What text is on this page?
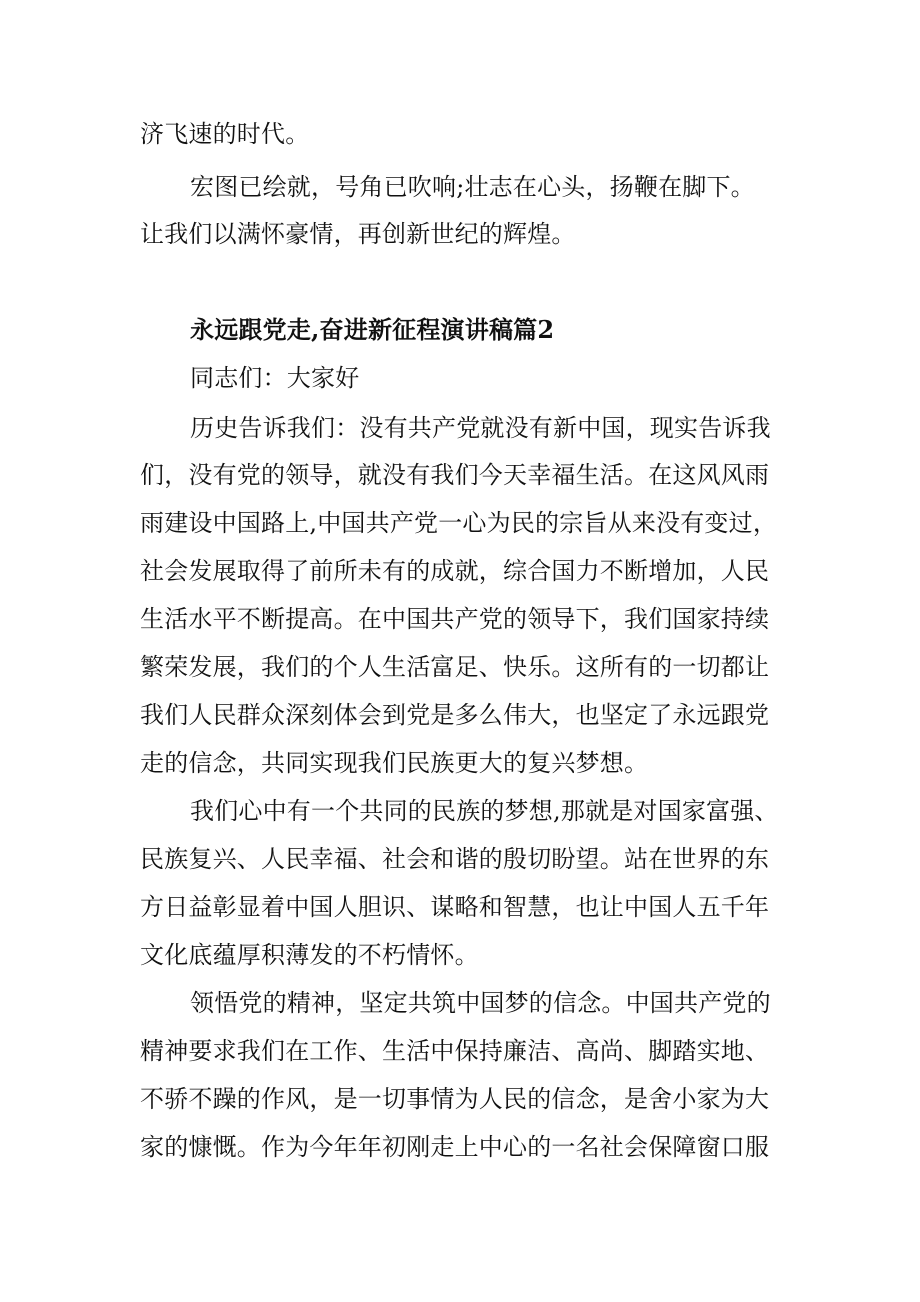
济飞速的时代。
宏图已绘就，号角已吹响;壮志在心头，扬鞭在脚下。
让我们以满怀豪情，再创新世纪的辉煌。
永远跟党走,奋进新征程演讲稿篇2
同志们：大家好
历史告诉我们：没有共产党就没有新中国，现实告诉我
们，没有党的领导，就没有我们今天幸福生活。在这风风雨
雨建设中国路上,中国共产党一心为民的宗旨从来没有变过，
社会发展取得了前所未有的成就，综合国力不断增加，人民
生活水平不断提高。在中国共产党的领导下，我们国家持续
繁荣发展，我们的个人生活富足、快乐。这所有的一切都让
我们人民群众深刻体会到党是多么伟大，也坚定了永远跟党
走的信念，共同实现我们民族更大的复兴梦想。
我们心中有一个共同的民族的梦想,那就是对国家富强、
民族复兴、人民幸福、社会和谐的殷切盼望。站在世界的东
方日益彰显着中国人胆识、谋略和智慧，也让中国人五千年
文化底蕴厚积薄发的不朽情怀。
领悟党的精神，坚定共筑中国梦的信念。中国共产党的
精神要求我们在工作、生活中保持廉洁、高尚、脚踏实地、
不骄不躁的作风，是一切事情为人民的信念，是舍小家为大
家的慷慨。作为今年年初刚走上中心的一名社会保障窗口服
